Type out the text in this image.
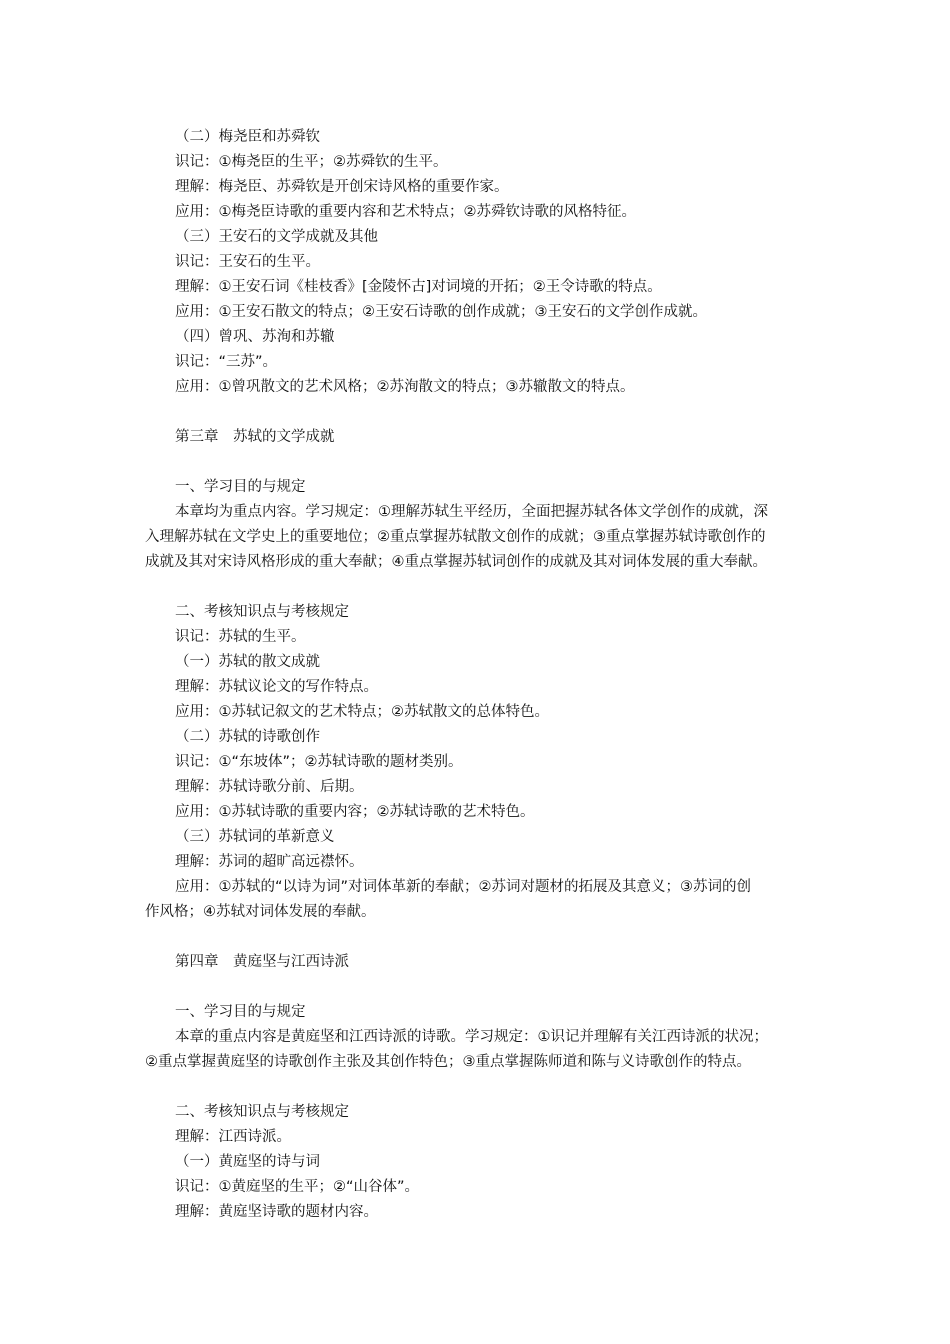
（二）梅尧臣和苏舜钦
识记：①梅尧臣的生平；②苏舜钦的生平。
理解：梅尧臣、苏舜钦是开创宋诗风格的重要作家。
应用：①梅尧臣诗歌的重要内容和艺术特点；②苏舜钦诗歌的风格特征。
（三）王安石的文学成就及其他
识记：王安石的生平。
理解：①王安石词《桂枝香》[金陵怀古]对词境的开拓；②王令诗歌的特点。
应用：①王安石散文的特点；②王安石诗歌的创作成就；③王安石的文学创作成就。
（四）曾巩、苏洵和苏辙
识记：“三苏”。
应用：①曾巩散文的艺术风格；②苏洵散文的特点；③苏辙散文的特点。
第三章　苏轼的文学成就
一、学习目的与规定
本章均为重点内容。学习规定：①理解苏轼生平经历，全面把握苏轼各体文学创作的成就，深
入理解苏轼在文学史上的重要地位；②重点掌握苏轼散文创作的成就；③重点掌握苏轼诗歌创作的
成就及其对宋诗风格形成的重大奉献；④重点掌握苏轼词创作的成就及其对词体发展的重大奉献。
二、考核知识点与考核规定
识记：苏轼的生平。
（一）苏轼的散文成就
理解：苏轼议论文的写作特点。
应用：①苏轼记叙文的艺术特点；②苏轼散文的总体特色。
（二）苏轼的诗歌创作
识记：①“东坡体”；②苏轼诗歌的题材类别。
理解：苏轼诗歌分前、后期。
应用：①苏轼诗歌的重要内容；②苏轼诗歌的艺术特色。
（三）苏轼词的革新意义
理解：苏词的超旷高远襟怀。
应用：①苏轼的“以诗为词”对词体革新的奉献；②苏词对题材的拓展及其意义；③苏词的创
作风格；④苏轼对词体发展的奉献。
第四章　黄庭坚与江西诗派
一、学习目的与规定
本章的重点内容是黄庭坚和江西诗派的诗歌。学习规定：①识记并理解有关江西诗派的状况；
②重点掌握黄庭坚的诗歌创作主张及其创作特色；③重点掌握陈师道和陈与义诗歌创作的特点。
二、考核知识点与考核规定
理解：江西诗派。
（一）黄庭坚的诗与词
识记：①黄庭坚的生平；②“山谷体”。
理解：黄庭坚诗歌的题材内容。
